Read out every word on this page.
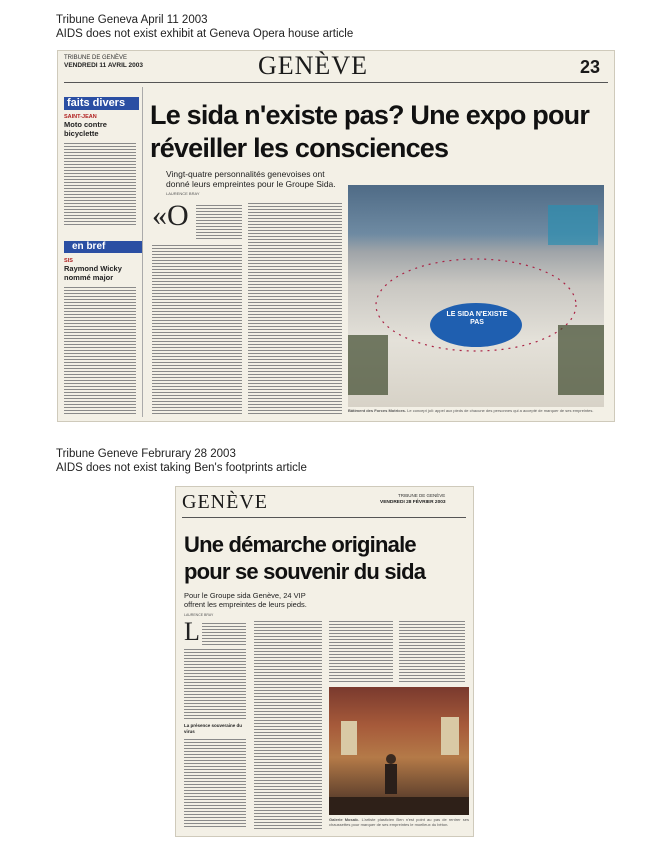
Tribune Geneva April 11 2003
AIDS does not exist exhibit at Geneva Opera house article
Tribune Geneve Februrary 28 2003
AIDS does not exist taking Ben's footprints article
TRIBUNE DE GENÈVE
VENDREDI 11 AVRIL 2003	GENÈVE	23
faits divers
SAINT-JEAN
Moto contre bicyclette
en bref
SIS
Raymond Wicky nommé major
Le sida n'existe pas? Une expo pour réveiller les consciences
Vingt-quatre personnalités genevoises ont donné leurs empreintes pour le Groupe Sida.
LAURENCE BRAY
«O
LE SIDA N'EXISTE PAS
Bâtiment des Forces Motrices. Le concept joli: appel aux pieds de chacune des personnes qui a accepté de marquer de ses empreintes.
GENÈVE	TRIBUNE DE GENÈVE
VENDREDI 28 FÉVRIER 2003
Une démarche originale pour se souvenir du sida
Pour le Groupe sida Genève, 24 VIP offrent les empreintes de leurs pieds.
LAURENCE BRAY
L
La présence souveraine du virus
Galerie Mosaïc. L'artiste plasticien Ben n'est point au pas de rentrer ses chaussettes pour marquer de ses empreintes le moelleux du béton.
